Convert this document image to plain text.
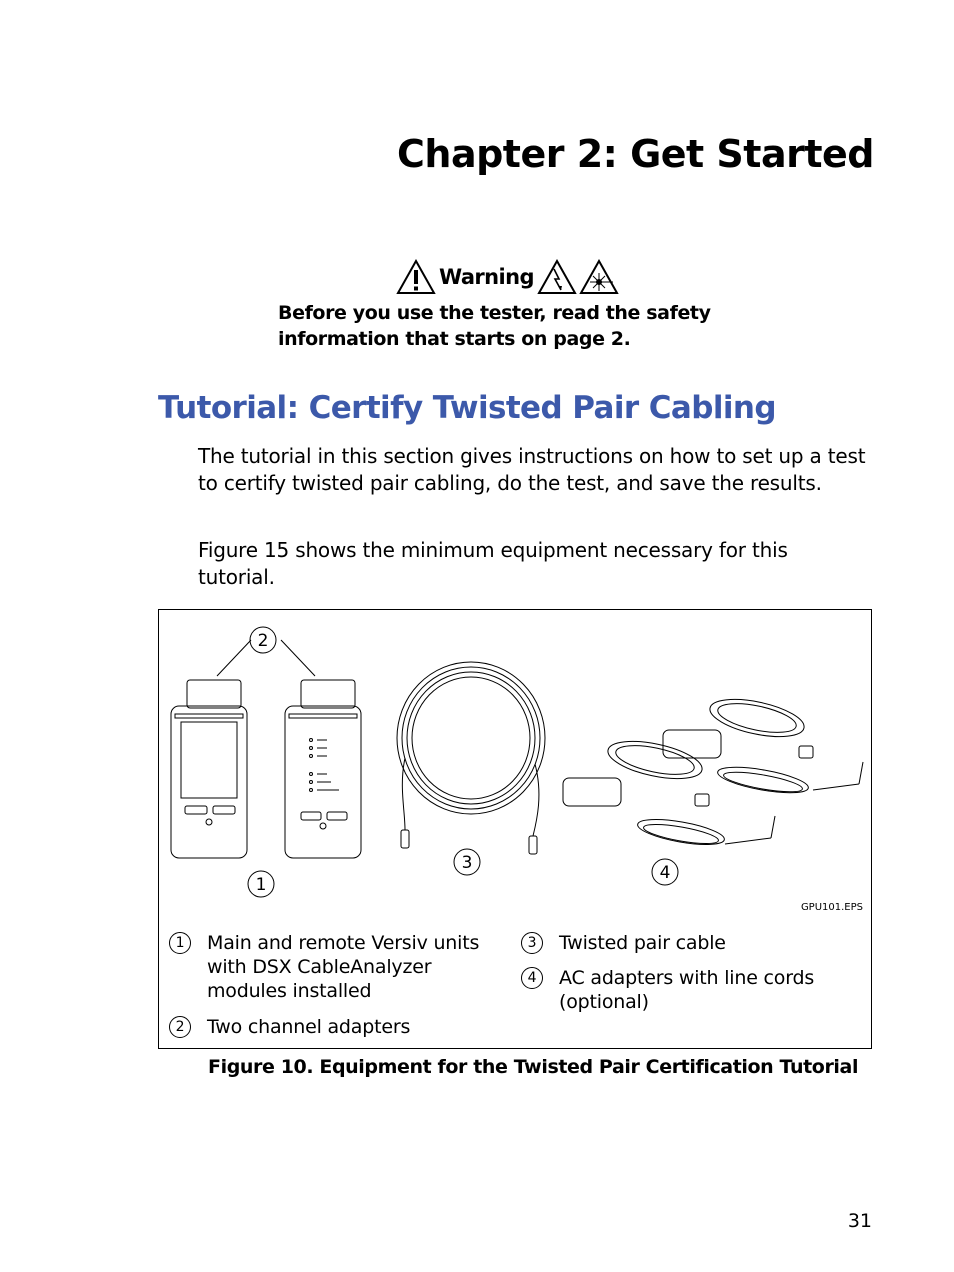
Chapter 2: Get Started
Warning
Before you use the tester, read the safety information that starts on page 2.
Tutorial: Certify Twisted Pair Cabling
The tutorial in this section gives instructions on how to set up a test to certify twisted pair cabling, do the test, and save the results.
Figure 15 shows the minimum equipment necessary for this tutorial.
2
1
3	4
GPU101.EPS
1	Main and remote Versiv units with DSX CableAnalyzer modules installed
2	Two channel adapters
3	Twisted pair cable
4	AC adapters with line cords (optional)
Figure 10. Equipment for the Twisted Pair Certification Tutorial
31
